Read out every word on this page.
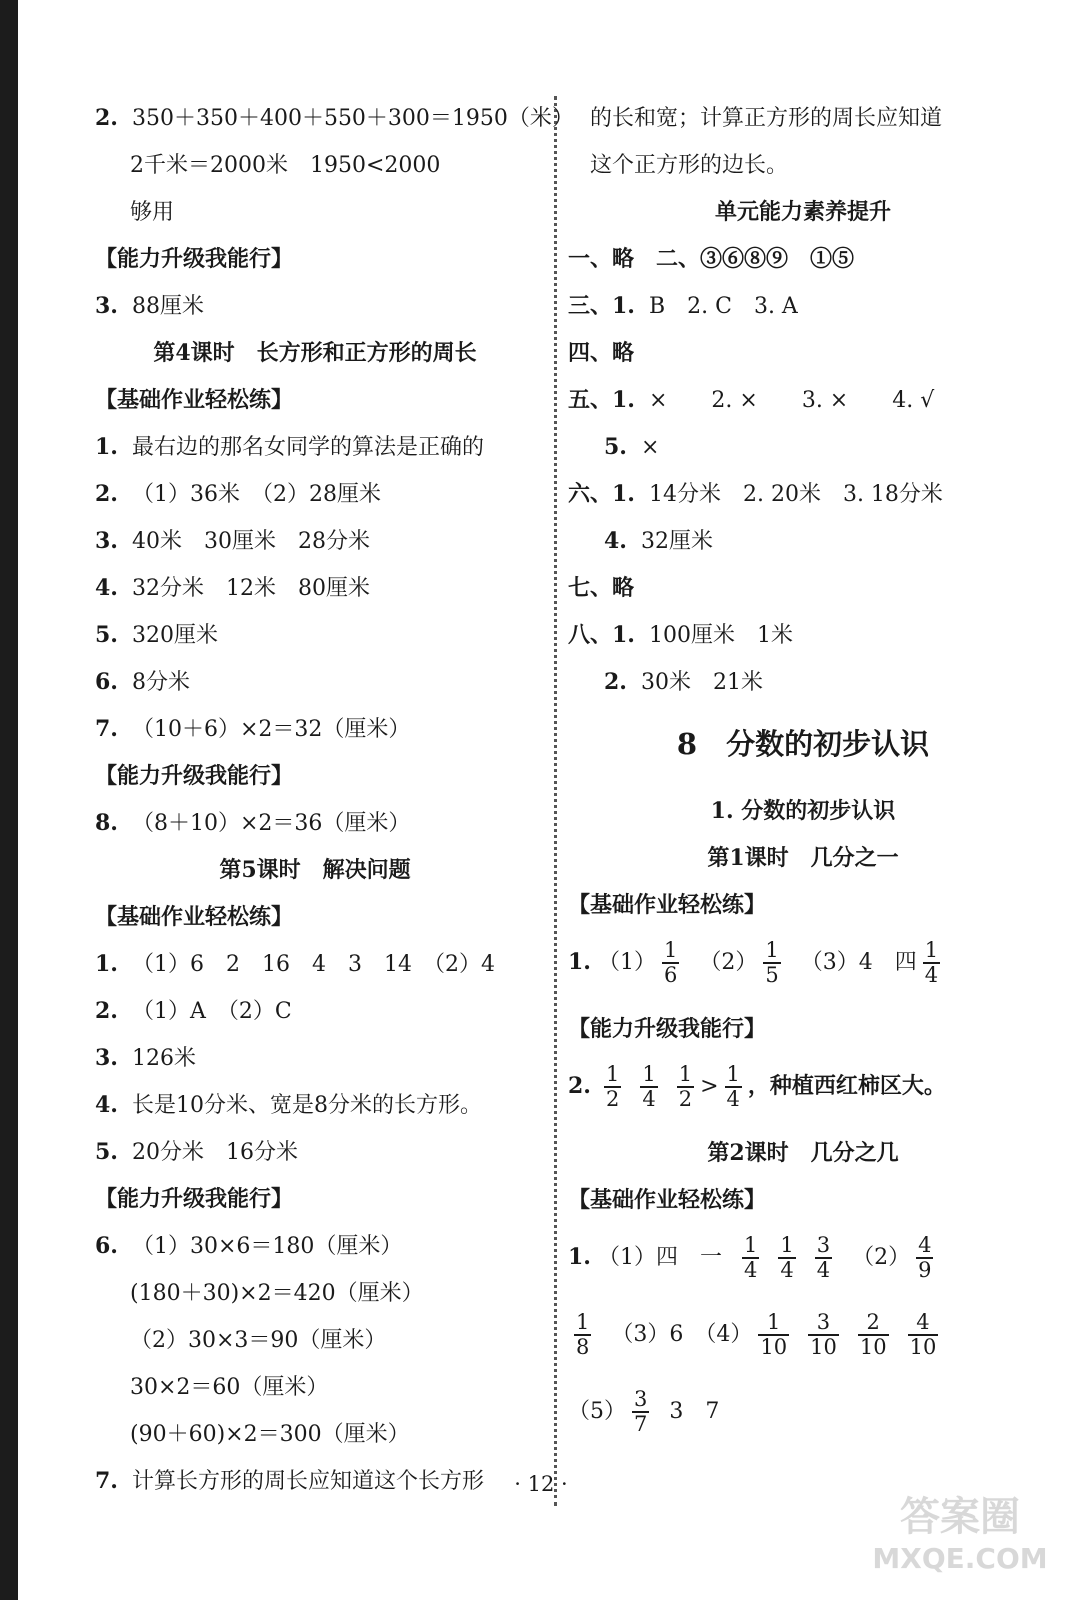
2. 350＋350＋400＋550＋300＝1950（米）
2千米＝2000米　1950<2000
够用
【能力升级我能行】
3. 88厘米
第4课时　长方形和正方形的周长
【基础作业轻松练】
1. 最右边的那名女同学的算法是正确的
2. （1）36米　（2）28厘米
3. 40米　30厘米　28分米
4. 32分米　12米　80厘米
5. 320厘米
6. 8分米
7. （10＋6）×2＝32（厘米）
【能力升级我能行】
8. （8＋10）×2＝36（厘米）
第5课时　解决问题
【基础作业轻松练】
1. （1）6　2　16　4　3　14　（2）4
2. （1）A　（2）C
3. 126米
4. 长是10分米、宽是8分米的长方形。
5. 20分米　16分米
【能力升级我能行】
6. （1）30×6＝180（厘米）
(180＋30)×2＝420（厘米）
（2）30×3＝90（厘米）
30×2＝60（厘米）
(90＋60)×2＝300（厘米）
7. 计算长方形的周长应知道这个长方形
的长和宽；计算正方形的周长应知道
这个正方形的边长。
单元能力素养提升
一、略　二、③⑥⑧⑨　①⑤
三、1. B　2. C　3. A
四、略
五、1. ×　　2. ×　　3. ×　　4. √
5. ×
六、1. 14分米　2. 20米　3. 18分米
4. 32厘米
七、略
八、1. 100厘米　1米
2. 30米　21米
8　分数的初步认识
1. 分数的初步认识
第1课时　几分之一
【基础作业轻松练】
1. $(1) \frac{1}{6} (2) \frac{1}{5} (3)4$　四 $\frac{1}{4}$
【能力升级我能行】
2. $\frac{1}{2}$
$\frac{1}{4}$
$\frac{1}{2} > \frac{1}{4}$ ，种植西红柿区大。
第2课时　几分之几
【基础作业轻松练】
1. （1）四　一 $\frac{1}{4}$
$\frac{1}{4}$
$\frac{3}{4} (2) \frac{4}{9}$
$\frac{1}{8} (3)6$　$(4) \frac{1}{10}$
$\frac{3}{10}$
$\frac{2}{10}$
$\frac{4}{10}$
$(5) \frac{3}{7} 3$　7
· 12 ·
答案圈
MXQE.COM
